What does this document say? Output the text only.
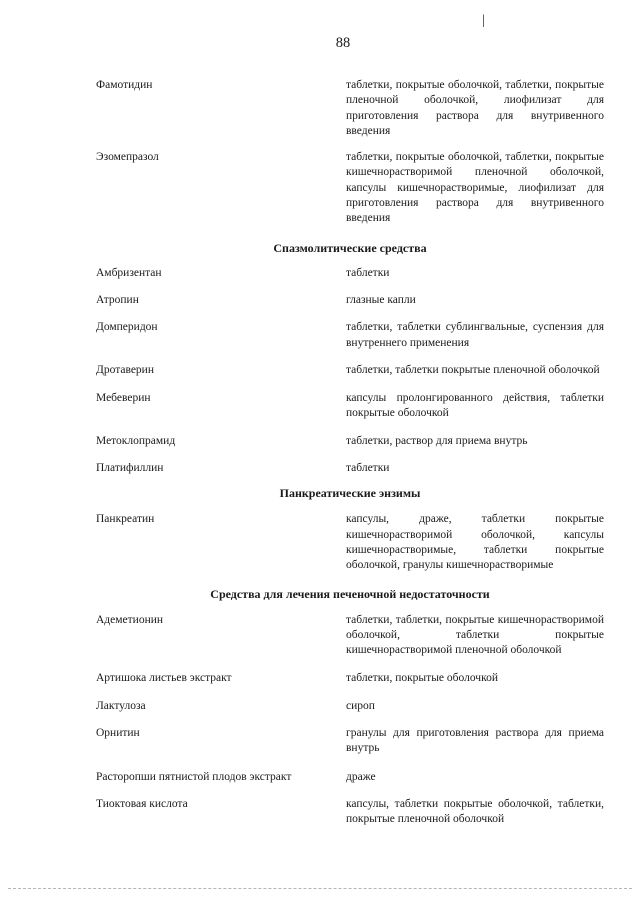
|
88
Фамотидин	таблетки, покрытые оболочкой, таблетки, покрытые пленочной оболочкой, лиофилизат для приготовления раствора для внутривенного введения
Эзомепразол	таблетки, покрытые оболочкой, таблетки, покрытые кишечнорастворимой пленочной оболочкой, капсулы кишечнорастворимые, лиофилизат для приготовления раствора для внутривенного введения
Спазмолитические средства
Амбризентан	таблетки
Атропин	глазные капли
Домперидон	таблетки, таблетки сублингвальные, суспензия для внутреннего применения
Дротаверин	таблетки, таблетки покрытые пленочной оболочкой
Мебеверин	капсулы пролонгированного действия, таблетки покрытые оболочкой
Метоклопрамид	таблетки, раствор для приема внутрь
Платифиллин	таблетки
Панкреатические энзимы
Панкреатин	капсулы, драже, таблетки покрытые кишечнорастворимой оболочкой, капсулы кишечнорастворимые, таблетки покрытые оболочкой, гранулы кишечнорастворимые
Средства для лечения печеночной недостаточности
Адеметионин	таблетки, таблетки, покрытые кишечнорастворимой оболочкой, таблетки покрытые кишечнорастворимой пленочной оболочкой
Артишока листьев экстракт	таблетки, покрытые оболочкой
Лактулоза	сироп
Орнитин	гранулы для приготовления раствора для приема внутрь
Расторопши пятнистой плодов экстракт	драже
Тиоктовая кислота	капсулы, таблетки покрытые оболочкой, таблетки, покрытые пленочной оболочкой
